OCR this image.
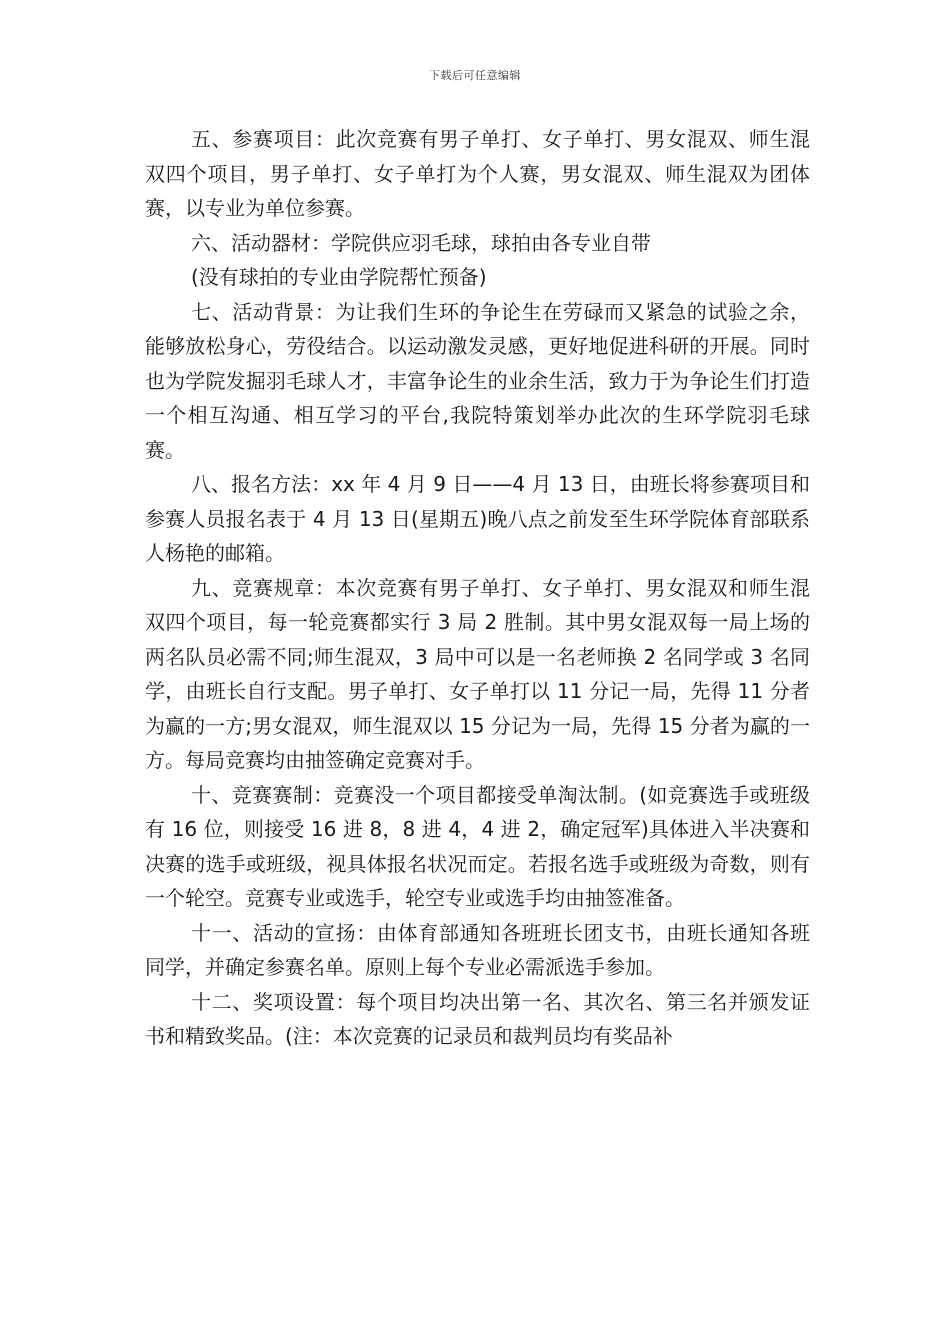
下载后可任意编辑

五、参赛项目：此次竞赛有男子单打、女子单打、男女混双、师生混双四个项目，男子单打、女子单打为个人赛，男女混双、师生混双为团体赛，以专业为单位参赛。

六、活动器材：学院供应羽毛球，球拍由各专业自带

(没有球拍的专业由学院帮忙预备)

七、活动背景：为让我们生环的争论生在劳碌而又紧急的试验之余，能够放松身心，劳役结合。以运动激发灵感，更好地促进科研的开展。同时也为学院发掘羽毛球人才，丰富争论生的业余生活，致力于为争论生们打造一个相互沟通、相互学习的平台,我院特策划举办此次的生环学院羽毛球赛。

八、报名方法：xx 年 4 月 9 日——4 月 13 日，由班长将参赛项目和参赛人员报名表于 4 月 13 日(星期五)晚八点之前发至生环学院体育部联系人杨艳的邮箱。

九、竞赛规章：本次竞赛有男子单打、女子单打、男女混双和师生混双四个项目，每一轮竞赛都实行 3 局 2 胜制。其中男女混双每一局上场的两名队员必需不同;师生混双，3 局中可以是一名老师换 2 名同学或 3 名同学，由班长自行支配。男子单打、女子单打以 11 分记一局，先得 11 分者为赢的一方;男女混双，师生混双以 15 分记为一局，先得 15 分者为赢的一方。每局竞赛均由抽签确定竞赛对手。

十、竞赛赛制：竞赛没一个项目都接受单淘汰制。(如竞赛选手或班级有 16 位，则接受 16 进 8，8 进 4，4 进 2，确定冠军)具体进入半决赛和决赛的选手或班级，视具体报名状况而定。若报名选手或班级为奇数，则有一个轮空。竞赛专业或选手，轮空专业或选手均由抽签准备。

十一、活动的宣扬：由体育部通知各班班长团支书，由班长通知各班同学，并确定参赛名单。原则上每个专业必需派选手参加。

十二、奖项设置：每个项目均决出第一名、其次名、第三名并颁发证书和精致奖品。(注：本次竞赛的记录员和裁判员均有奖品补
